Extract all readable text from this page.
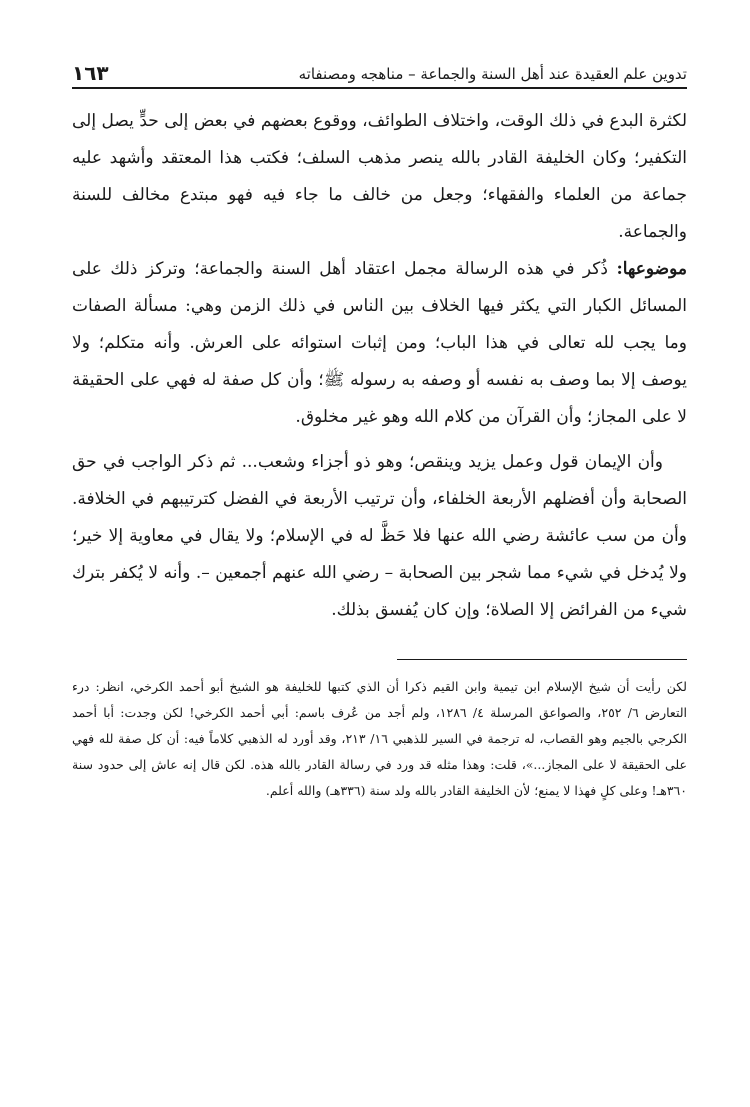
تدوين علم العقيدة عند أهل السنة والجماعة – مناهجه ومصنفاته
١٦٣

لكثرة البدع في ذلك الوقت، واختلاف الطوائف، ووقوع بعضهم في بعض إلى حدٍّ يصل إلى التكفير؛ وكان الخليفة القادر بالله ينصر مذهب السلف؛ فكتب هذا المعتقد وأشهد عليه جماعة من العلماء والفقهاء؛ وجعل من خالف ما جاء فيه فهو مبتدع مخالف للسنة والجماعة.

موضوعها: ذُكر في هذه الرسالة مجمل اعتقاد أهل السنة والجماعة؛ وتركز ذلك على المسائل الكبار التي يكثر فيها الخلاف بين الناس في ذلك الزمن وهي: مسألة الصفات وما يجب لله تعالى في هذا الباب؛ ومن إثبات استوائه على العرش. وأنه متكلم؛ ولا يوصف إلا بما وصف به نفسه أو وصفه به رسوله ﷺ؛ وأن كل صفة له فهي على الحقيقة لا على المجاز؛ وأن القرآن من كلام الله وهو غير مخلوق.

وأن الإيمان قول وعمل يزيد وينقص؛ وهو ذو أجزاء وشعب... ثم ذكر الواجب في حق الصحابة وأن أفضلهم الأربعة الخلفاء، وأن ترتيب الأربعة في الفضل كترتيبهم في الخلافة. وأن من سب عائشة رضي الله عنها فلا حَظَّ له في الإسلام؛ ولا يقال في معاوية إلا خير؛ ولا يُدخل في شيء مما شجر بين الصحابة – رضي الله عنهم أجمعين –. وأنه لا يُكفر بترك شيء من الفرائض إلا الصلاة؛ وإن كان يُفسق بذلك.

لكن رأيت أن شيخ الإسلام ابن تيمية وابن القيم ذكرا أن الذي كتبها للخليفة هو الشيخ أبو أحمد الكرخي، انظر: درء التعارض ٦/ ٢٥٢، والصواعق المرسلة ٤/ ١٢٨٦، ولم أجد من عُرف باسم: أبي أحمد الكرخي! لكن وجدت: أبا أحمد الكرجي بالجيم وهو القصاب، له ترجمة في السير للذهبي ١٦/ ٢١٣، وقد أورد له الذهبي كلاماً فيه: أن كل صفة لله فهي على الحقيقة لا على المجاز...»، قلت: وهذا مثله قد ورد في رسالة القادر بالله هذه. لكن قال إنه عاش إلى حدود سنة ٣٦٠هـ! وعلى كلٍ فهذا لا يمنع؛ لأن الخليفة القادر بالله ولد سنة (٣٣٦هـ) والله أعلم.
